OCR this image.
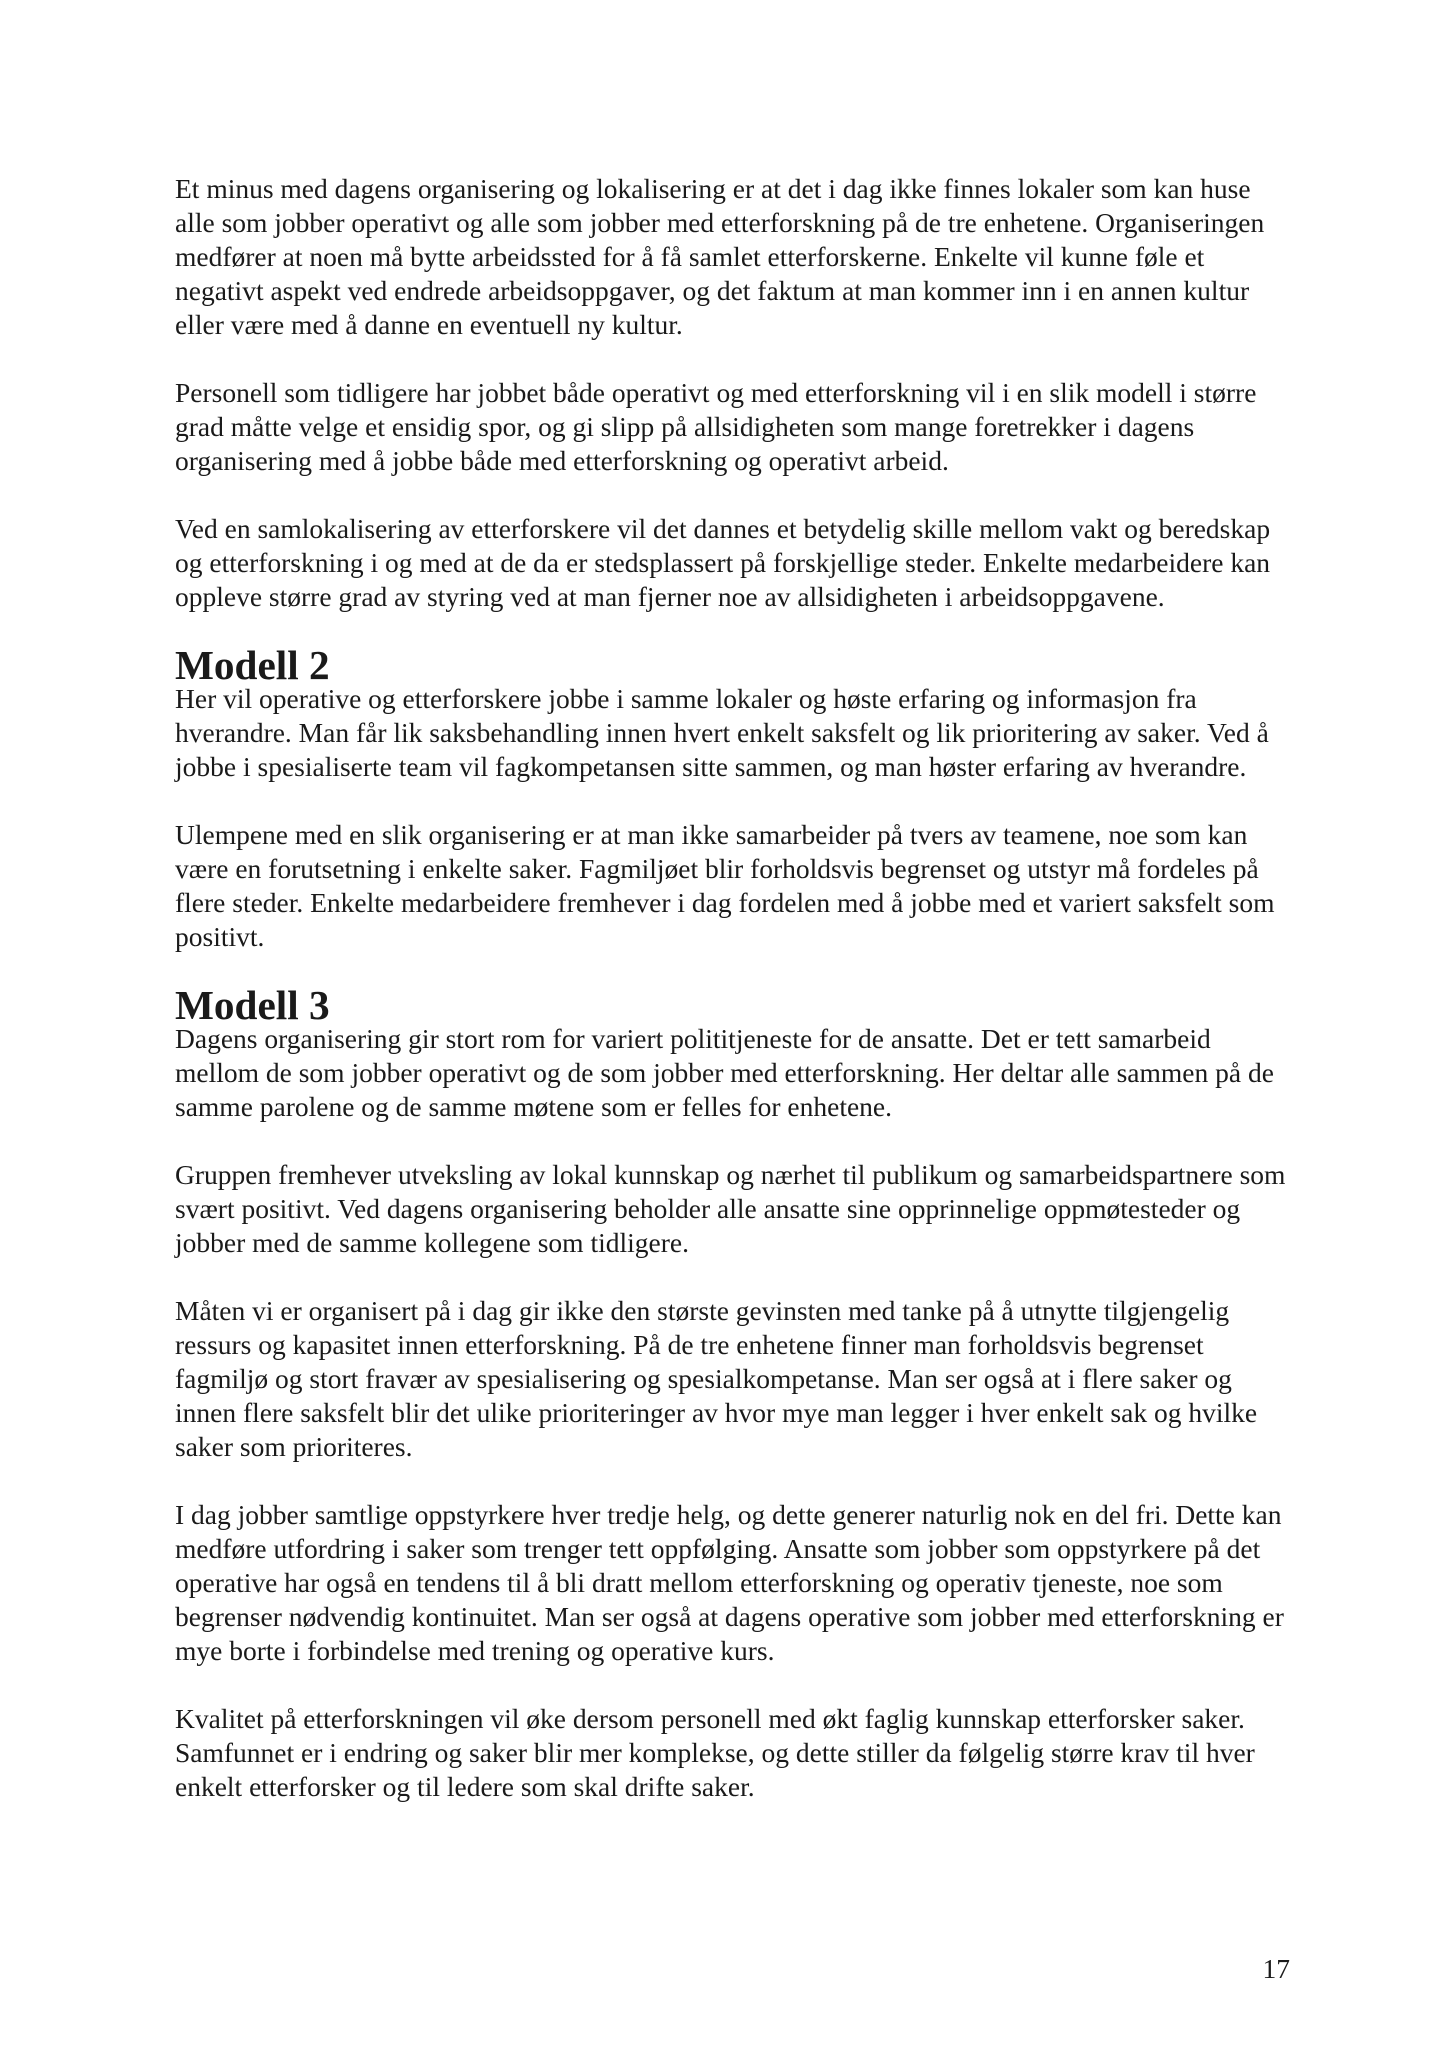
Et minus med dagens organisering og lokalisering er at det i dag ikke finnes lokaler som kan huse alle som jobber operativt og alle som jobber med etterforskning på de tre enhetene. Organiseringen medfører at noen må bytte arbeidssted for å få samlet etterforskerne. Enkelte vil kunne føle et negativt aspekt ved endrede arbeidsoppgaver, og det faktum at man kommer inn i en annen kultur eller være med å danne en eventuell ny kultur.

Personell som tidligere har jobbet både operativt og med etterforskning vil i en slik modell i større grad måtte velge et ensidig spor, og gi slipp på allsidigheten som mange foretrekker i dagens organisering med å jobbe både med etterforskning og operativt arbeid.

Ved en samlokalisering av etterforskere vil det dannes et betydelig skille mellom vakt og beredskap og etterforskning i og med at de da er stedsplassert på forskjellige steder. Enkelte medarbeidere kan oppleve større grad av styring ved at man fjerner noe av allsidigheten i arbeidsoppgavene.

Modell 2

Her vil operative og etterforskere jobbe i samme lokaler og høste erfaring og informasjon fra hverandre. Man får lik saksbehandling innen hvert enkelt saksfelt og lik prioritering av saker. Ved å jobbe i spesialiserte team vil fagkompetansen sitte sammen, og man høster erfaring av hverandre.

Ulempene med en slik organisering er at man ikke samarbeider på tvers av teamene, noe som kan være en forutsetning i enkelte saker. Fagmiljøet blir forholdsvis begrenset og utstyr må fordeles på flere steder. Enkelte medarbeidere fremhever i dag fordelen med å jobbe med et variert saksfelt som positivt.

Modell 3

Dagens organisering gir stort rom for variert polititjeneste for de ansatte. Det er tett samarbeid mellom de som jobber operativt og de som jobber med etterforskning. Her deltar alle sammen på de samme parolene og de samme møtene som er felles for enhetene.

Gruppen fremhever utveksling av lokal kunnskap og nærhet til publikum og samarbeidspartnere som svært positivt. Ved dagens organisering beholder alle ansatte sine opprinnelige oppmøtesteder og jobber med de samme kollegene som tidligere.

Måten vi er organisert på i dag gir ikke den største gevinsten med tanke på å utnytte tilgjengelig ressurs og kapasitet innen etterforskning. På de tre enhetene finner man forholdsvis begrenset fagmiljø og stort fravær av spesialisering og spesialkompetanse. Man ser også at i flere saker og innen flere saksfelt blir det ulike prioriteringer av hvor mye man legger i hver enkelt sak og hvilke saker som prioriteres.

I dag jobber samtlige oppstyrkere hver tredje helg, og dette generer naturlig nok en del fri. Dette kan medføre utfordring i saker som trenger tett oppfølging. Ansatte som jobber som oppstyrkere på det operative har også en tendens til å bli dratt mellom etterforskning og operativ tjeneste, noe som begrenser nødvendig kontinuitet. Man ser også at dagens operative som jobber med etterforskning er mye borte i forbindelse med trening og operative kurs.

Kvalitet på etterforskningen vil øke dersom personell med økt faglig kunnskap etterforsker saker. Samfunnet er i endring og saker blir mer komplekse, og dette stiller da følgelig større krav til hver enkelt etterforsker og til ledere som skal drifte saker.

17
